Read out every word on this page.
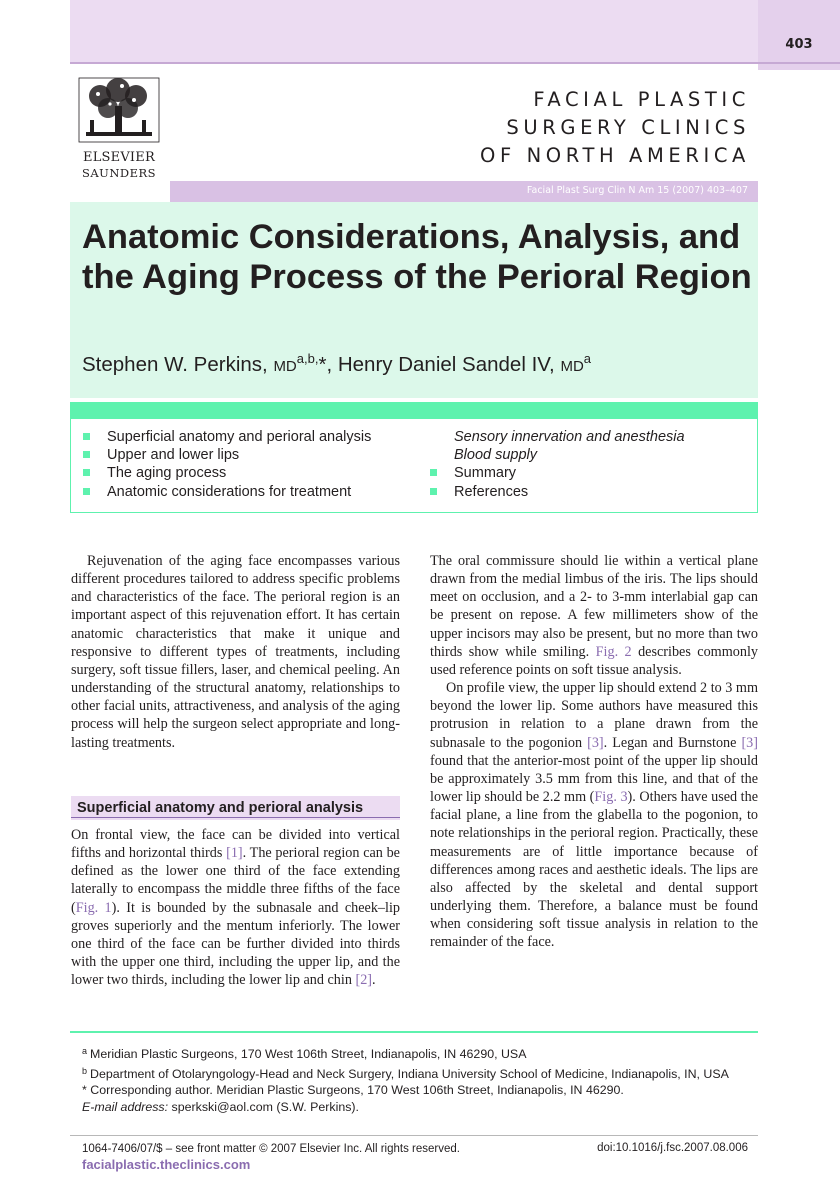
403
ELSEVIER
SAUNDERS
FACIAL PLASTIC
SURGERY CLINICS
OF NORTH AMERICA
Facial Plast Surg Clin N Am 15 (2007) 403–407
Anatomic Considerations, Analysis, and the Aging Process of the Perioral Region
Stephen W. Perkins, $MD^{a,b,}*$, Henry Daniel Sandel IV, $MD^a$
Superficial anatomy and perioral analysis
Upper and lower lips
The aging process
Anatomic considerations for treatment
Sensory innervation and anesthesia
Blood supply
Summary
References

Rejuvenation of the aging face encompasses various different procedures tailored to address specific problems and characteristics of the face. The perioral region is an important aspect of this rejuvenation effort. It has certain anatomic characteristics that make it unique and responsive to different types of treatments, including surgery, soft tissue fillers, laser, and chemical peeling. An understanding of the structural anatomy, relationships to other facial units, attractiveness, and analysis of the aging process will help the surgeon select appropriate and long-lasting treatments.

Superficial anatomy and perioral analysis

On frontal view, the face can be divided into vertical fifths and horizontal thirds [1]. The perioral region can be defined as the lower one third of the face extending laterally to encompass the middle three fifths of the face (Fig. 1). It is bounded by the subnasale and cheek–lip groves superiorly and the mentum inferiorly. The lower one third of the face can be further divided into thirds with the upper one third, including the upper lip, and the lower two thirds, including the lower lip and chin [2].

The oral commissure should lie within a vertical plane drawn from the medial limbus of the iris. The lips should meet on occlusion, and a 2- to 3-mm interlabial gap can be present on repose. A few millimeters show of the upper incisors may also be present, but no more than two thirds show while smiling. Fig. 2 describes commonly used reference points on soft tissue analysis.

On profile view, the upper lip should extend 2 to 3 mm beyond the lower lip. Some authors have measured this protrusion in relation to a plane drawn from the subnasale to the pogonion [3]. Legan and Burnstone [3] found that the anterior-most point of the upper lip should be approximately 3.5 mm from this line, and that of the lower lip should be 2.2 mm (Fig. 3). Others have used the facial plane, a line from the glabella to the pogonion, to note relationships in the perioral region. Practically, these measurements are of little importance because of differences among races and aesthetic ideals. The lips are also affected by the skeletal and dental support underlying them. Therefore, a balance must be found when considering soft tissue analysis in relation to the remainder of the face.

$^a$ Meridian Plastic Surgeons, 170 West 106th Street, Indianapolis, IN 46290, USA
$^b$ Department of Otolaryngology-Head and Neck Surgery, Indiana University School of Medicine, Indianapolis, IN, USA
* Corresponding author. Meridian Plastic Surgeons, 170 West 106th Street, Indianapolis, IN 46290.
E-mail address: sperkski@aol.com (S.W. Perkins).
1064-7406/07/$ – see front matter © 2007 Elsevier Inc. All rights reserved.
facialplastic.theclinics.com
doi:10.1016/j.fsc.2007.08.006
